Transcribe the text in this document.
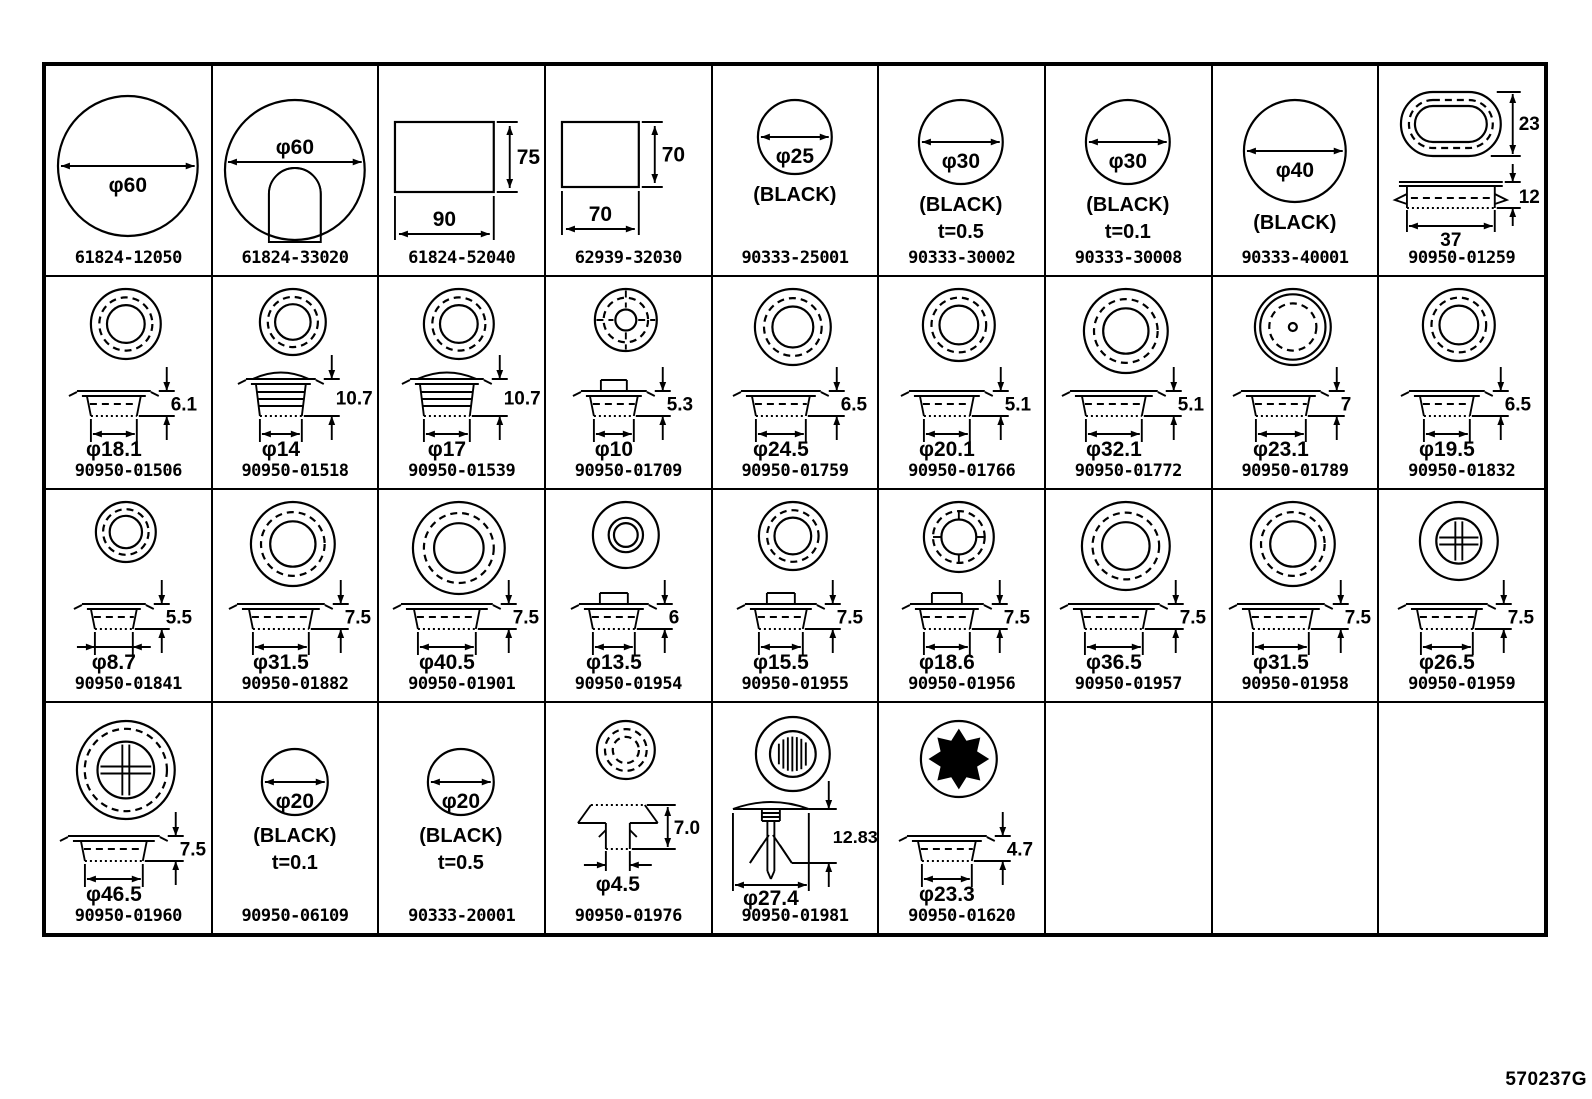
φ60
61824-12050
φ60
61824-33020
75
90
61824-52040
70
70
62939-32030
φ25
(BLACK)
90333-25001
φ30
(BLACK)
t=0.5
90333-30002
φ30
(BLACK)
t=0.1
90333-30008
φ40
(BLACK)
90333-40001
23
12
37
90950-01259
6.1
φ18.1
90950-01506
10.7
φ14
90950-01518
10.7
φ17
90950-01539
5.3
φ10
90950-01709
6.5
φ24.5
90950-01759
5.1
φ20.1
90950-01766
5.1
φ32.1
90950-01772
7
φ23.1
90950-01789
6.5
φ19.5
90950-01832
5.5
φ8.7
90950-01841
7.5
φ31.5
90950-01882
7.5
φ40.5
90950-01901
6
φ13.5
90950-01954
7.5
φ15.5
90950-01955
7.5
φ18.6
90950-01956
7.5
φ36.5
90950-01957
7.5
φ31.5
90950-01958
7.5
φ26.5
90950-01959
7.5
φ46.5
90950-01960
φ20
(BLACK)
t=0.1
90950-06109
φ20
(BLACK)
t=0.5
90333-20001
7.0
φ4.5
90950-01976
12.83
φ27.4
90950-01981
4.7
φ23.3
90950-01620
570237G
